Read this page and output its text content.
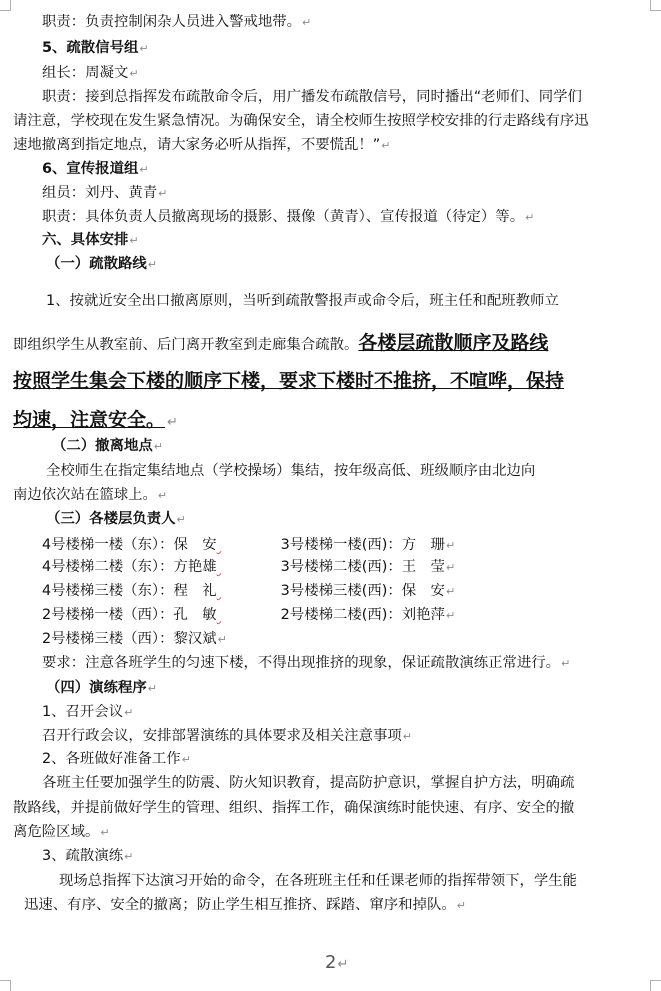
职责：负责控制闲杂人员进入警戒地带。↵
5、疏散信号组↵
组长：周凝文↵
职责：接到总指挥发布疏散命令后，用广播发布疏散信号，同时播出“老师们、同学们
请注意，学校现在发生紧急情况。为确保安全，请全校师生按照学校安排的行走路线有序迅
速地撤离到指定地点，请大家务必听从指挥，不要慌乱！”↵
6、宣传报道组↵
组员：刘丹、黄青↵
职责：具体负责人员撤离现场的摄影、摄像（黄青）、宣传报道（待定）等。↵
六、具体安排↵
（一）疏散路线↵
1、按就近安全出口撤离原则，当听到疏散警报声或命令后，班主任和配班教师立
即组织学生从教室前、后门离开教室到走廊集合疏散。各楼层疏散顺序及路线
按照学生集会下楼的顺序下楼，要求下楼时不推挤，不喧哗，保持
均速，注意安全。 ↵
（二）撤离地点↵
全校师生在指定集结地点（学校操场）集结，按年级高低、班级顺序由北边向
南边依次站在篮球上。↵
（三）各楼层负责人↵
4号楼梯一楼（东）：保　安	3号楼梯一楼(西)：方　珊↵
4号楼梯二楼（东）：方艳雄	3号楼梯二楼(西)：王　莹↵
4号楼梯三楼（东）：程　礼	3号楼梯三楼(西)：保　安↵
2号楼梯一楼（西）：孔　敏	2号楼梯二楼(西)：刘艳萍↵
2号楼梯三楼（西）：黎汉斌↵
要求：注意各班学生的匀速下楼，不得出现推挤的现象，保证疏散演练正常进行。↵
（四）演练程序↵
1、召开会议↵
召开行政会议，安排部署演练的具体要求及相关注意事项↵
2、各班做好准备工作↵
各班主任要加强学生的防震、防火知识教育，提高防护意识，掌握自护方法，明确疏
散路线，并提前做好学生的管理、组织、指挥工作，确保演练时能快速、有序、安全的撤
离危险区域。↵
3、疏散演练↵
现场总指挥下达演习开始的命令，在各班班主任和任课老师的指挥带领下，学生能
迅速、有序、安全的撤离；防止学生相互推挤、踩踏、窜序和掉队。↵
2↵
